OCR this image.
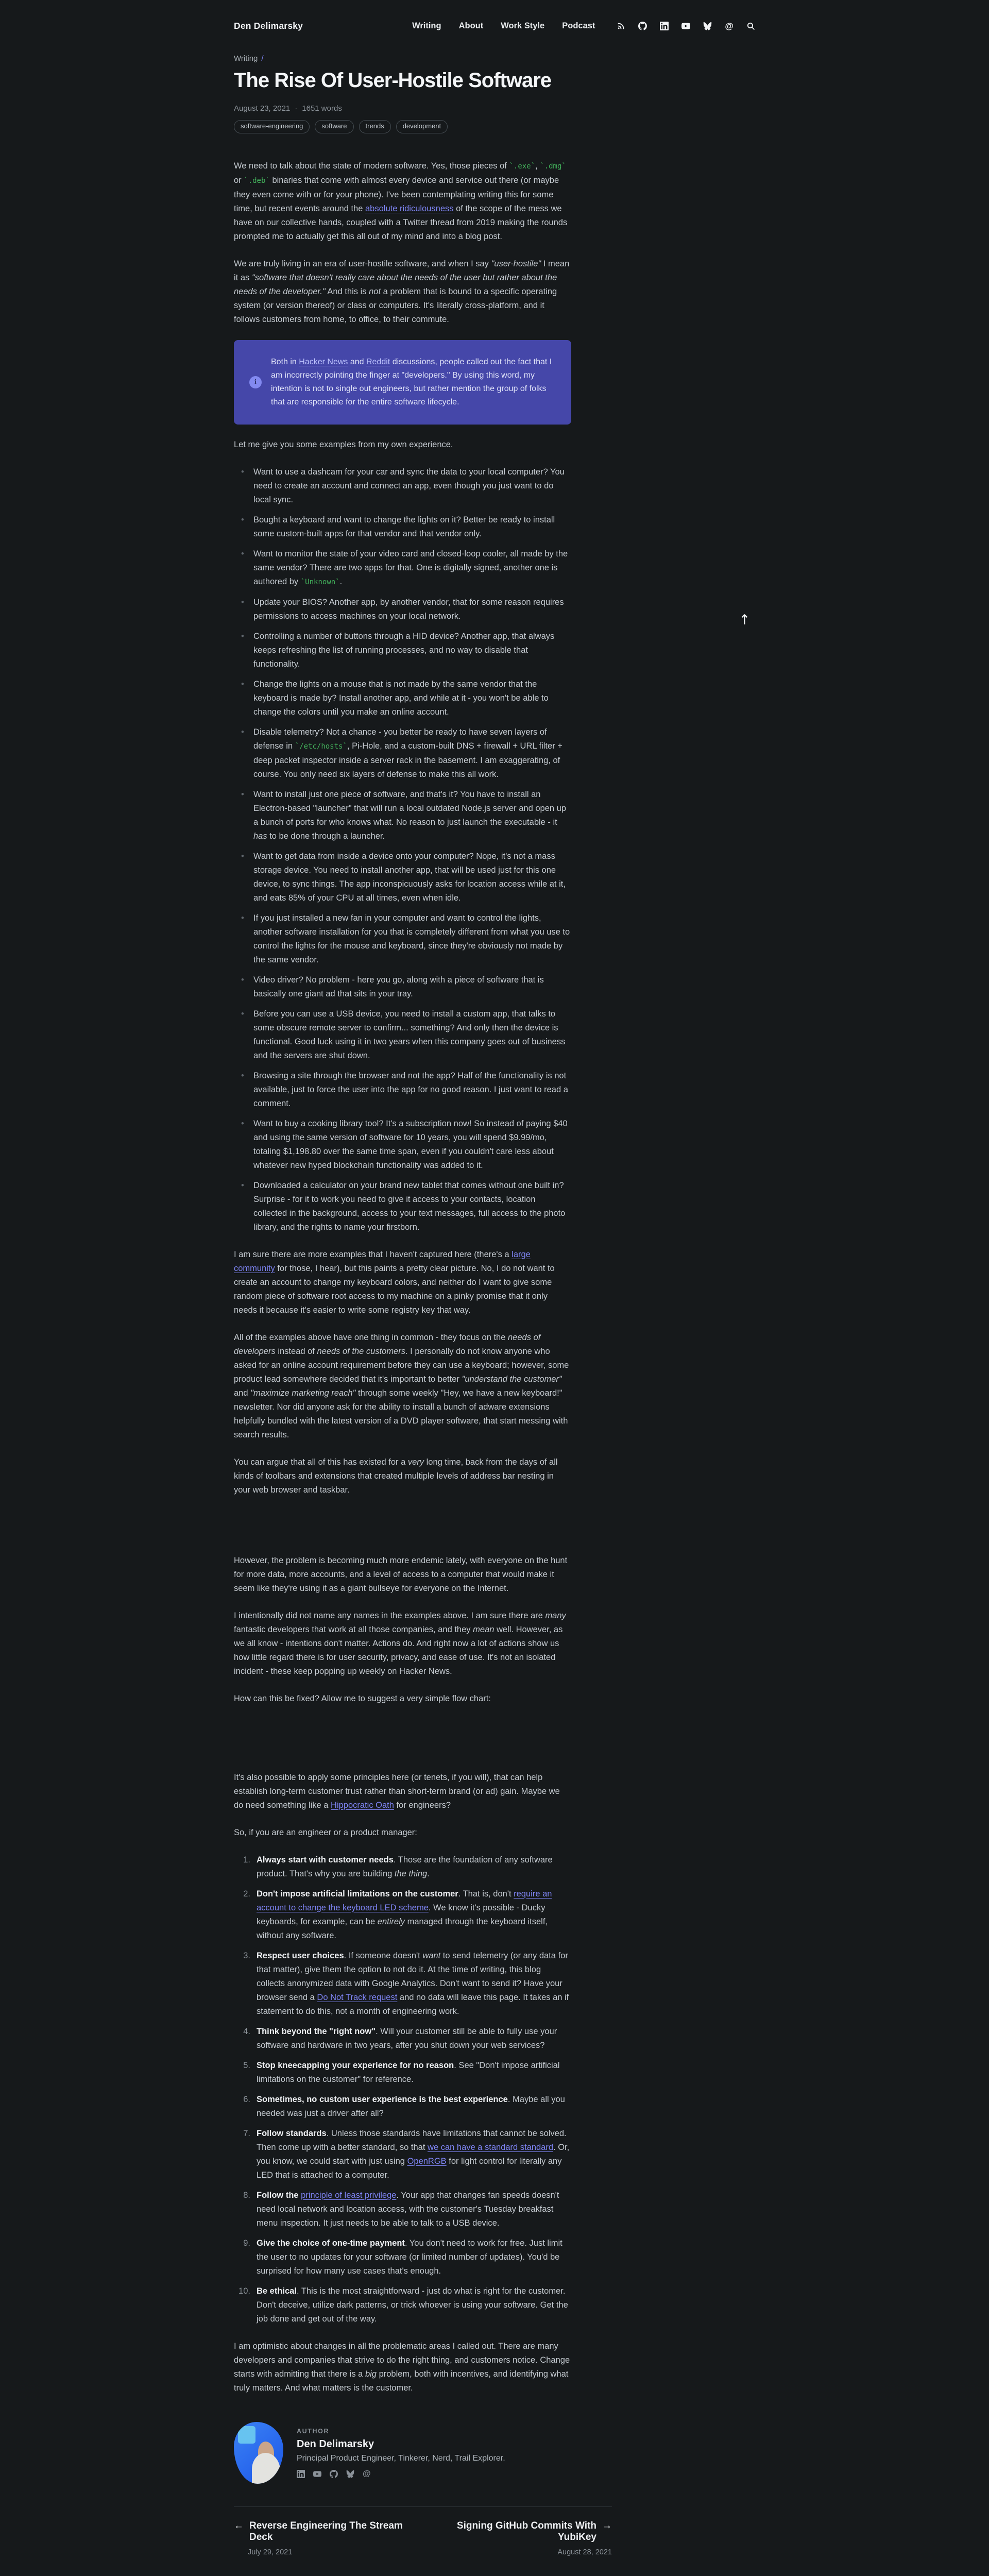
Den Delimarsky	Writing About Work Style Podcast	@
Writing /
The Rise Of User-Hostile Software
August 23, 2021 · 1651 words
software-engineering	software	trends	development

We need to talk about the state of modern software. Yes, those pieces of ` .exe ` , ` .dmg ` or ` .deb ` binaries that come with almost every device and service out there (or maybe they even come with or for your phone). I've been contemplating writing this for some time, but recent events around the absolute ridiculousness of the scope of the mess we have on our collective hands, coupled with a Twitter thread from 2019 making the rounds prompted me to actually get this all out of my mind and into a blog post.

We are truly living in an era of user-hostile software, and when I say "user-hostile" I mean it as "software that doesn't really care about the needs of the user but rather about the needs of the developer." And this is not a problem that is bound to a specific operating system (or version thereof) or class or computers. It's literally cross-platform, and it follows customers from home, to office, to their commute.

i

Both in Hacker News and Reddit discussions, people called out the fact that I am incorrectly pointing the finger at "developers." By using this word, my intention is not to single out engineers, but rather mention the group of folks that are responsible for the entire software lifecycle.

Let me give you some examples from my own experience.

• Want to use a dashcam for your car and sync the data to your local computer? You need to create an account and connect an app, even though you just want to do local sync.
• Bought a keyboard and want to change the lights on it? Better be ready to install some custom-built apps for that vendor and that vendor only.
• Want to monitor the state of your video card and closed-loop cooler, all made by the same vendor? There are two apps for that. One is digitally signed, another one is authored by ` Unknown ` .
• Update your BIOS? Another app, by another vendor, that for some reason requires permissions to access machines on your local network.
• Controlling a number of buttons through a HID device? Another app, that always keeps refreshing the list of running processes, and no way to disable that functionality.
• Change the lights on a mouse that is not made by the same vendor that the keyboard is made by? Install another app, and while at it - you won't be able to change the colors until you make an online account.
• Disable telemetry? Not a chance - you better be ready to have seven layers of defense in ` /etc/hosts ` , Pi-Hole, and a custom-built DNS + firewall + URL filter + deep packet inspector inside a server rack in the basement. I am exaggerating, of course. You only need six layers of defense to make this all work.
• Want to install just one piece of software, and that's it? You have to install an Electron-based "launcher" that will run a local outdated Node.js server and open up a bunch of ports for who knows what. No reason to just launch the executable - it has to be done through a launcher.
• Want to get data from inside a device onto your computer? Nope, it's not a mass storage device. You need to install another app, that will be used just for this one device, to sync things. The app inconspicuously asks for location access while at it, and eats 85% of your CPU at all times, even when idle.
• If you just installed a new fan in your computer and want to control the lights, another software installation for you that is completely different from what you use to control the lights for the mouse and keyboard, since they're obviously not made by the same vendor.
• Video driver? No problem - here you go, along with a piece of software that is basically one giant ad that sits in your tray.
• Before you can use a USB device, you need to install a custom app, that talks to some obscure remote server to confirm... something? And only then the device is functional. Good luck using it in two years when this company goes out of business and the servers are shut down.
• Browsing a site through the browser and not the app? Half of the functionality is not available, just to force the user into the app for no good reason. I just want to read a comment.
• Want to buy a cooking library tool? It's a subscription now! So instead of paying $40 and using the same version of software for 10 years, you will spend $9.99/mo, totaling $1,198.80 over the same time span, even if you couldn't care less about whatever new hyped blockchain functionality was added to it.
• Downloaded a calculator on your brand new tablet that comes without one built in? Surprise - for it to work you need to give it access to your contacts, location collected in the background, access to your text messages, full access to the photo library, and the rights to name your firstborn.

I am sure there are more examples that I haven't captured here (there's a large community for those, I hear), but this paints a pretty clear picture. No, I do not want to create an account to change my keyboard colors, and neither do I want to give some random piece of software root access to my machine on a pinky promise that it only needs it because it's easier to write some registry key that way.

All of the examples above have one thing in common - they focus on the needs of developers instead of needs of the customers. I personally do not know anyone who asked for an online account requirement before they can use a keyboard; however, some product lead somewhere decided that it's important to better "understand the customer" and "maximize marketing reach" through some weekly "Hey, we have a new keyboard!" newsletter. Nor did anyone ask for the ability to install a bunch of adware extensions helpfully bundled with the latest version of a DVD player software, that start messing with search results.

You can argue that all of this has existed for a very long time, back from the days of all kinds of toolbars and extensions that created multiple levels of address bar nesting in your web browser and taskbar.

However, the problem is becoming much more endemic lately, with everyone on the hunt for more data, more accounts, and a level of access to a computer that would make it seem like they're using it as a giant bullseye for everyone on the Internet.

I intentionally did not name any names in the examples above. I am sure there are many fantastic developers that work at all those companies, and they mean well. However, as we all know - intentions don't matter. Actions do. And right now a lot of actions show us how little regard there is for user security, privacy, and ease of use. It's not an isolated incident - these keep popping up weekly on Hacker News.

How can this be fixed? Allow me to suggest a very simple flow chart:

It's also possible to apply some principles here (or tenets, if you will), that can help establish long-term customer trust rather than short-term brand (or ad) gain. Maybe we do need something like a Hippocratic Oath for engineers?

So, if you are an engineer or a product manager:

Always start with customer needs. Those are the foundation of any software product. That's why you are building the thing.
Don't impose artificial limitations on the customer. That is, don't require an account to change the keyboard LED scheme. We know it's possible - Ducky keyboards, for example, can be entirely managed through the keyboard itself, without any software.
Respect user choices. If someone doesn't want to send telemetry (or any data for that matter), give them the option to not do it. At the time of writing, this blog collects anonymized data with Google Analytics. Don't want to send it? Have your browser send a Do Not Track request and no data will leave this page. It takes an if statement to do this, not a month of engineering work.
Think beyond the "right now". Will your customer still be able to fully use your software and hardware in two years, after you shut down your web services?
Stop kneecapping your experience for no reason. See "Don't impose artificial limitations on the customer" for reference.
Sometimes, no custom user experience is the best experience. Maybe all you needed was just a driver after all?
Follow standards. Unless those standards have limitations that cannot be solved. Then come up with a better standard, so that we can have a standard standard. Or, you know, we could start with just using OpenRGB for light control for literally any LED that is attached to a computer.
Follow the principle of least privilege. Your app that changes fan speeds doesn't need local network and location access, with the customer's Tuesday breakfast menu inspection. It just needs to be able to talk to a USB device.
Give the choice of one-time payment. You don't need to work for free. Just limit the user to no updates for your software (or limited number of updates). You'd be surprised for how many use cases that's enough.
Be ethical. This is the most straightforward - just do what is right for the customer. Don't deceive, utilize dark patterns, or trick whoever is using your software. Get the job done and get out of the way.

I am optimistic about changes in all the problematic areas I called out. There are many developers and companies that strive to do the right thing, and customers notice. Change starts with admitting that there is a big problem, both with incentives, and identifying what truly matters. And what matters is the customer.

AUTHOR
Den Delimarsky
Principal Product Engineer, Tinkerer, Nerd, Trail Explorer.
@
← Reverse Engineering The Stream Deck
July 29, 2021
Signing GitHub Commits With YubiKey
→
August 28, 2021

↑
